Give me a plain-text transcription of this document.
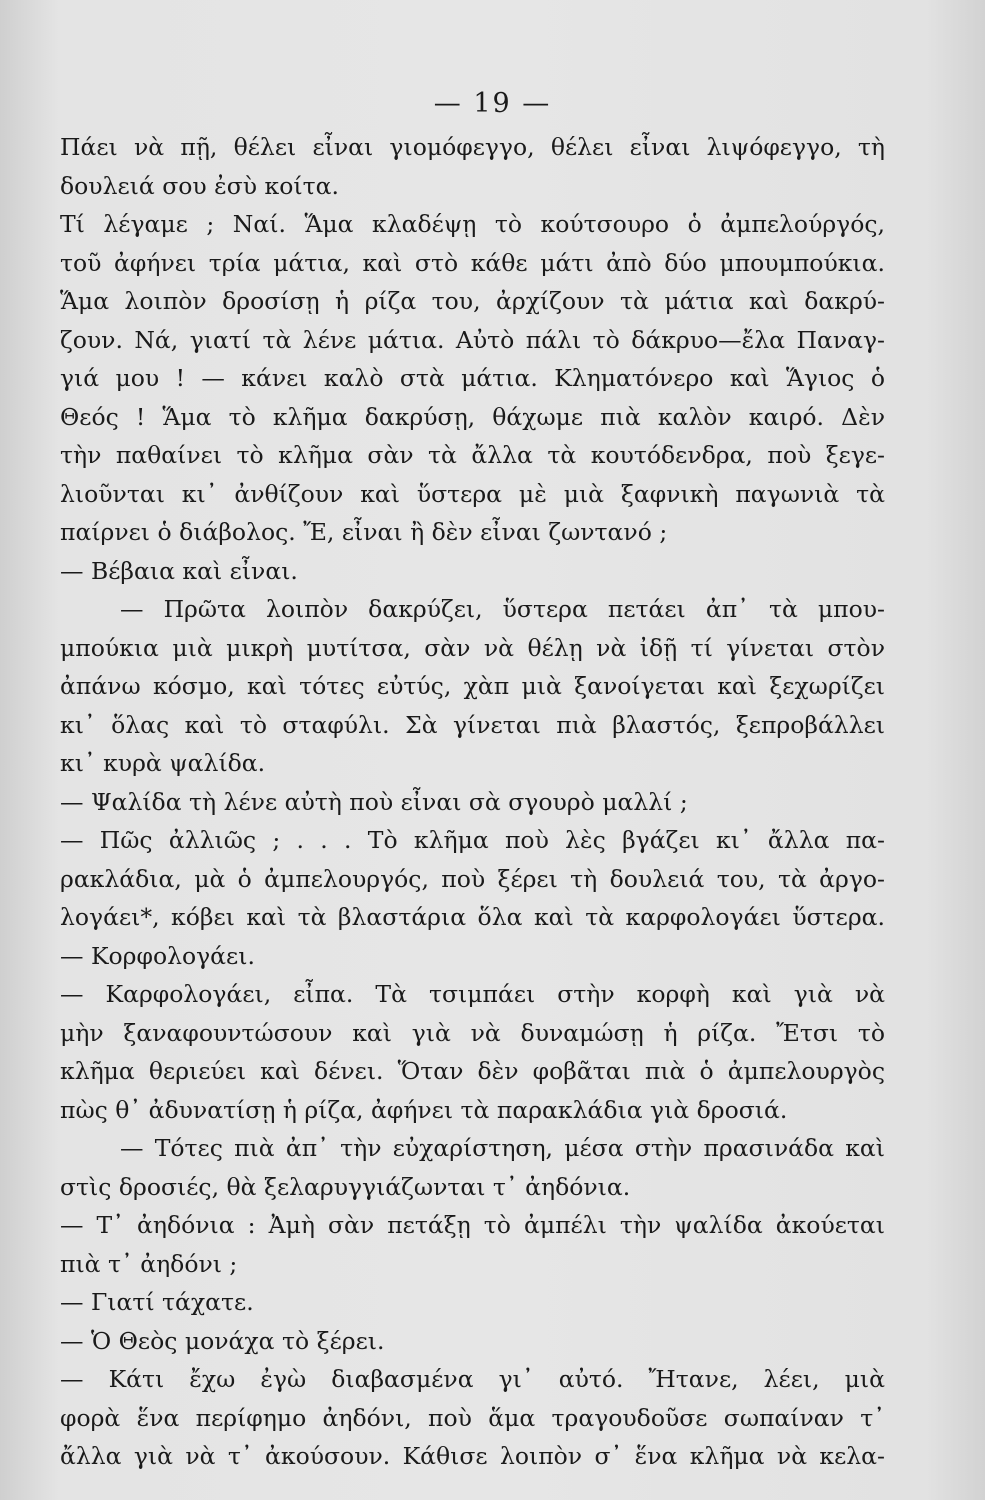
— 19 —
Πάει νὰ πῇ, θέλει εἶναι γιομόφεγγο, θέλει εἶναι λιψόφεγγο, τὴ
δουλειά σου ἐσὺ κοίτα.
Τί λέγαμε ; Ναί. Ἅμα κλαδέψῃ τὸ κούτσουρο ὁ ἀμπελούργός,
τοῦ ἀφήνει τρία μάτια, καὶ στὸ κάθε μάτι ἀπὸ δύο μπουμπούκια.
Ἅμα λοιπὸν δροσίσῃ ἡ ρίζα του, ἀρχίζουν τὰ μάτια καὶ δακρύ-
ζουν. Νά, γιατί τὰ λένε μάτια. Αὐτὸ πάλι τὸ δάκρυο—ἔλα Παναγ-
γιά μου ! — κάνει καλὸ στὰ μάτια. Κληματόνερο καὶ Ἅγιος ὁ
Θεός ! Ἅμα τὸ κλῆμα δακρύσῃ, θάχωμε πιὰ καλὸν καιρό. Δὲν
τὴν παθαίνει τὸ κλῆμα σὰν τὰ ἄλλα τὰ κουτόδενδρα, ποὺ ξεγε-
λιοῦνται κι᾽ ἀνθίζουν καὶ ὕστερα μὲ μιὰ ξαφνικὴ παγωνιὰ τὰ
παίρνει ὁ διάβολος. Ἔ, εἶναι ἢ δὲν εἶναι ζωντανό ;
— Βέβαια καὶ εἶναι.
— Πρῶτα λοιπὸν δακρύζει, ὕστερα πετάει ἀπ᾽ τὰ μπου-
μπούκια μιὰ μικρὴ μυτίτσα, σὰν νὰ θέλῃ νὰ ἰδῇ τί γίνεται στὸν
ἀπάνω κόσμο, καὶ τότες εὐτύς, χὰπ μιὰ ξανοίγεται καὶ ξεχωρίζει
κι᾽ ὅλας καὶ τὸ σταφύλι. Σὰ γίνεται πιὰ βλαστός, ξεπροβάλλει
κι᾽ κυρὰ ψαλίδα.
— Ψαλίδα τὴ λένε αὐτὴ ποὺ εἶναι σὰ σγουρὸ μαλλί ;
— Πῶς ἀλλιῶς ; . . . Τὸ κλῆμα ποὺ λὲς βγάζει κι᾽ ἄλλα πα-
ρακλάδια, μὰ ὁ ἀμπελουργός, ποὺ ξέρει τὴ δουλειά του, τὰ ἀργο-
λογάει*, κόβει καὶ τὰ βλαστάρια ὅλα καὶ τὰ καρφολογάει ὕστερα.
— Κορφολογάει.
— Καρφολογάει, εἶπα. Τὰ τσιμπάει στὴν κορφὴ καὶ γιὰ νὰ
μὴν ξαναφουντώσουν καὶ γιὰ νὰ δυναμώσῃ ἡ ρίζα. Ἔτσι τὸ
κλῆμα θεριεύει καὶ δένει. Ὅταν δὲν φοβᾶται πιὰ ὁ ἀμπελουργὸς
πὼς θ᾽ ἀδυνατίσῃ ἡ ρίζα, ἀφήνει τὰ παρακλάδια γιὰ δροσιά.
— Τότες πιὰ ἀπ᾽ τὴν εὐχαρίστηση, μέσα στὴν πρασινάδα καὶ
στὶς δροσιές, θὰ ξελαρυγγιάζωνται τ᾽ ἀηδόνια.
— Τ᾽ ἀηδόνια : Ἀμὴ σὰν πετάξῃ τὸ ἀμπέλι τὴν ψαλίδα ἀκούεται
πιὰ τ᾽ ἀηδόνι ;
— Γιατί τάχατε.
— Ὁ Θεὸς μονάχα τὸ ξέρει.
— Κάτι ἔχω ἐγὼ διαβασμένα γι᾽ αὐτό. Ἤτανε, λέει, μιὰ
φορὰ ἕνα περίφημο ἀηδόνι, ποὺ ἅμα τραγουδοῦσε σωπαίναν τ᾽
ἄλλα γιὰ νὰ τ᾽ ἀκούσουν. Κάθισε λοιπὸν σ᾽ ἕνα κλῆμα νὰ κελα-
